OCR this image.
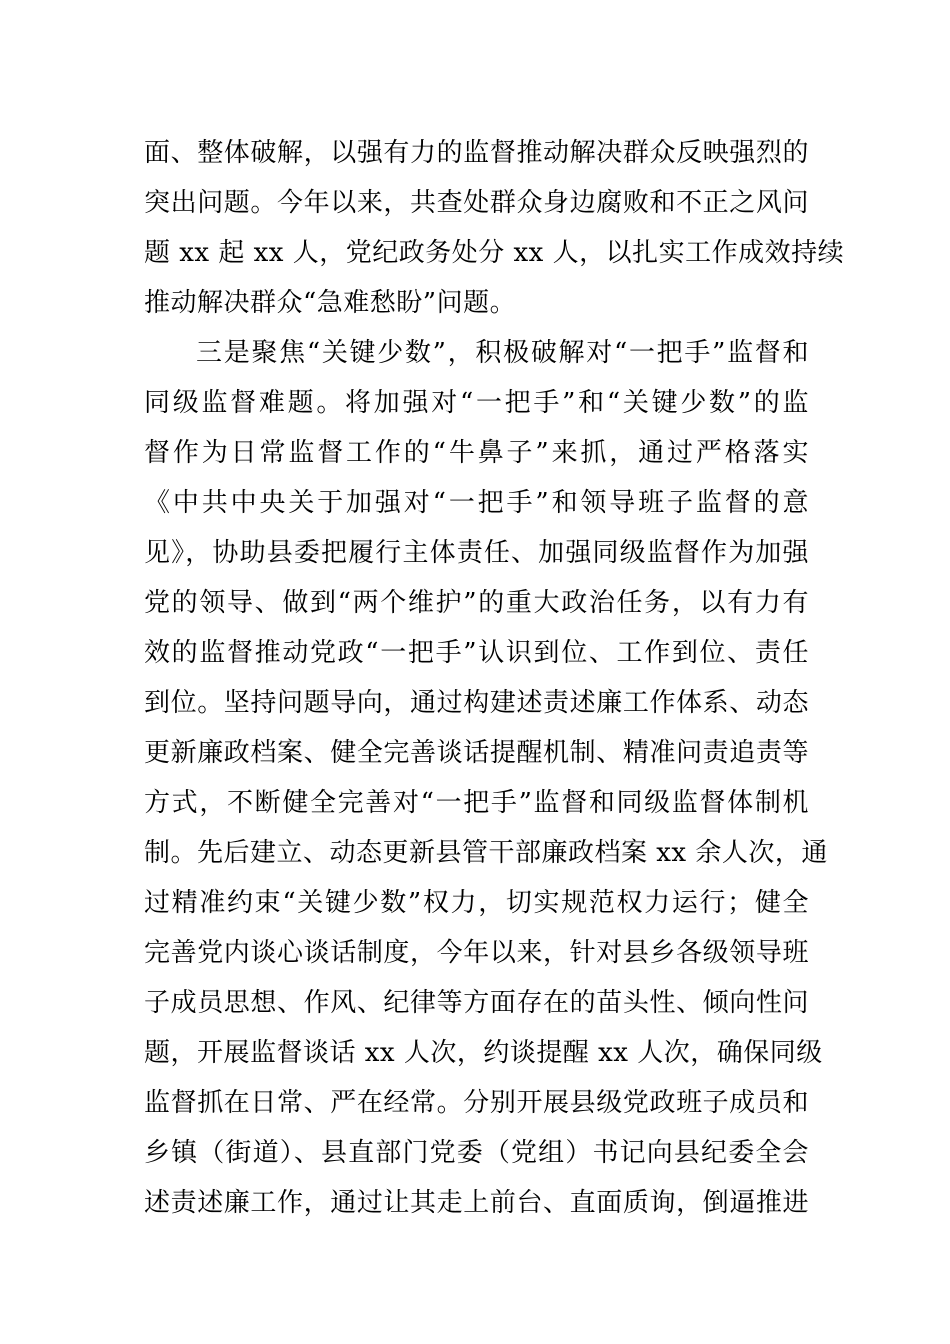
面、整体破解，以强有力的监督推动解决群众反映强烈的
突出问题。今年以来，共查处群众身边腐败和不正之风问
题 xx 起 xx 人，党纪政务处分 xx 人，以扎实工作成效持续
推动解决群众“急难愁盼”问题。
三是聚焦“关键少数”，积极破解对“一把手”监督和
同级监督难题。将加强对“一把手”和“关键少数”的监
督作为日常监督工作的“牛鼻子”来抓，通过严格落实
《中共中央关于加强对“一把手”和领导班子监督的意
见》，协助县委把履行主体责任、加强同级监督作为加强
党的领导、做到“两个维护”的重大政治任务，以有力有
效的监督推动党政“一把手”认识到位、工作到位、责任
到位。坚持问题导向，通过构建述责述廉工作体系、动态
更新廉政档案、健全完善谈话提醒机制、精准问责追责等
方式，不断健全完善对“一把手”监督和同级监督体制机
制。先后建立、动态更新县管干部廉政档案 xx 余人次，通
过精准约束“关键少数”权力，切实规范权力运行；健全
完善党内谈心谈话制度，今年以来，针对县乡各级领导班
子成员思想、作风、纪律等方面存在的苗头性、倾向性问
题，开展监督谈话 xx 人次，约谈提醒 xx 人次，确保同级
监督抓在日常、严在经常。分别开展县级党政班子成员和
乡镇（街道）、县直部门党委（党组）书记向县纪委全会
述责述廉工作，通过让其走上前台、直面质询，倒逼推进
